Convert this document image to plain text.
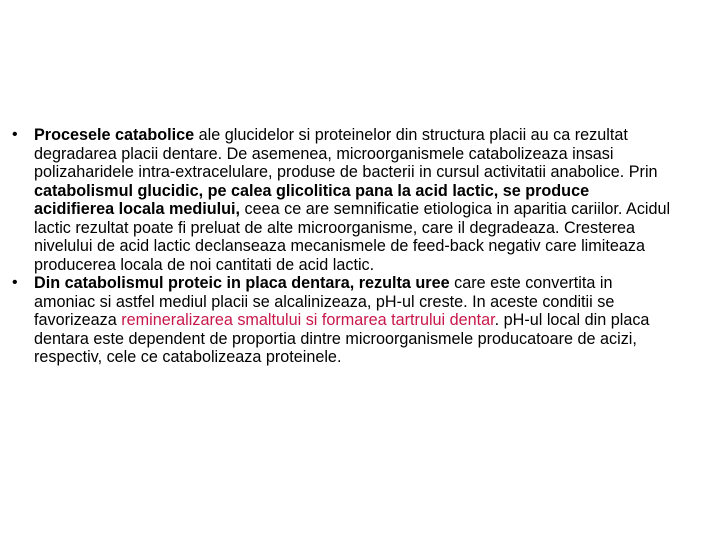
• Procesele catabolice ale glucidelor si proteinelor din structura placii au ca rezultat degradarea placii dentare. De asemenea, microorganismele catabolizeaza insasi polizaharidele intra-extracelulare, produse de bacterii in cursul activitatii anabolice. Prin catabolismul glucidic, pe calea glicolitica pana la acid lactic, se produce acidifierea locala mediului, ceea ce are semnificatie etiologica in aparitia cariilor. Acidul lactic rezultat poate fi preluat de alte microorganisme, care il degradeaza. Cresterea nivelului de acid lactic declanseaza mecanismele de feed-back negativ care limiteaza producerea locala de noi cantitati de acid lactic.
• Din catabolismul proteic in placa dentara, rezulta uree care este convertita in amoniac si astfel mediul placii se alcalinizeaza, pH-ul creste. In aceste conditii se favorizeaza remineralizarea smaltului si formarea tartrului dentar. pH-ul local din placa dentara este dependent de proportia dintre microorganismele producatoare de acizi, respectiv, cele ce catabolizeaza proteinele.
